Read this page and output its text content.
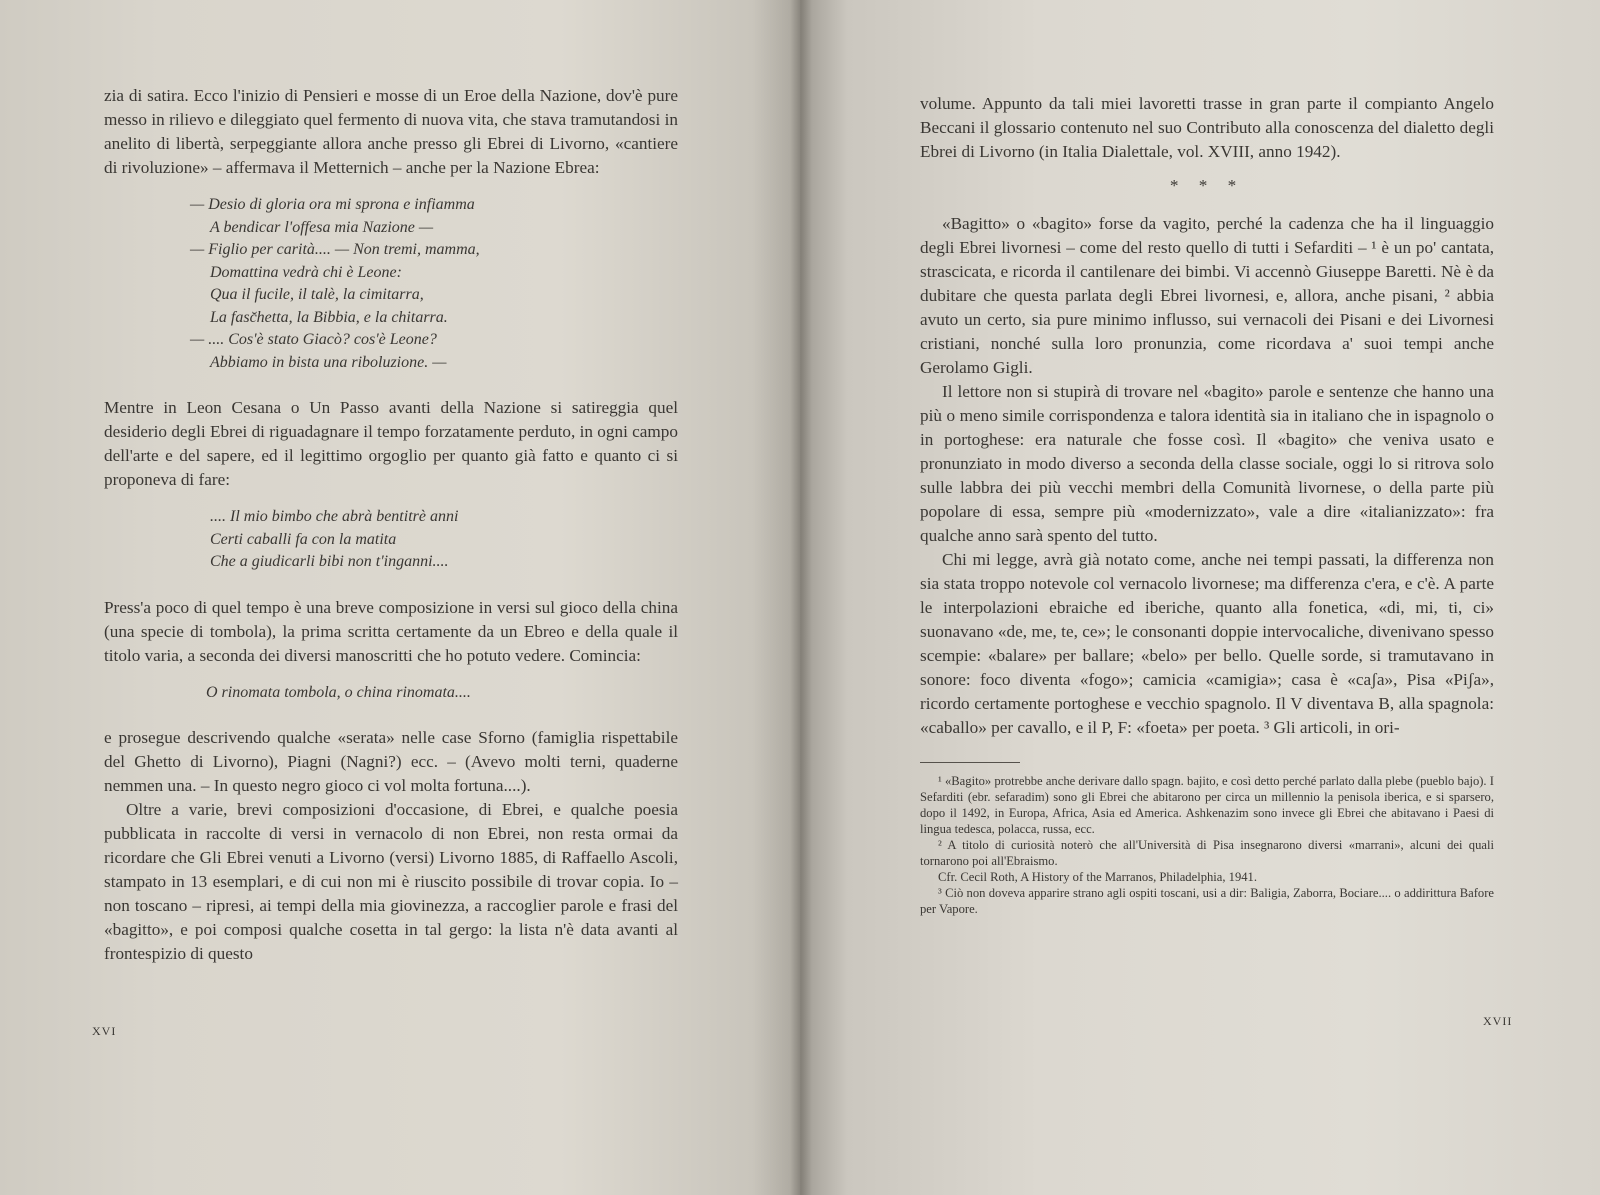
zia di satira. Ecco l'inizio di Pensieri e mosse di un Eroe della Nazione, dov'è pure messo in rilievo e dileggiato quel fermento di nuova vita, che stava tramutandosi in anelito di libertà, serpeggiante allora anche presso gli Ebrei di Livorno, «cantiere di rivoluzione» – affermava il Metternich – anche per la Nazione Ebrea:

— Desio di gloria ora mi sprona e infiamma
A bendicar l'offesa mia Nazione —
— Figlio per carità.... — Non tremi, mamma,
Domattina vedrà chi è Leone:
Qua il fucile, il talè, la cimitarra,
La fasc̆hetta, la Bibbia, e la chitarra.
— .... Cos'è stato Giacò? cos'è Leone?
Abbiamo in bista una riboluzione. —

Mentre in Leon Cesana o Un Passo avanti della Nazione si satireggia quel desiderio degli Ebrei di riguadagnare il tempo forzatamente perduto, in ogni campo dell'arte e del sapere, ed il legittimo orgoglio per quanto già fatto e quanto ci si proponeva di fare:

.... Il mio bimbo che abrà bentitrè anni
Certi caballi fa con la matita
Che a giudicarli bibi non t'inganni....

Press'a poco di quel tempo è una breve composizione in versi sul gioco della china (una specie di tombola), la prima scritta certamente da un Ebreo e della quale il titolo varia, a seconda dei diversi manoscritti che ho potuto vedere. Comincia:

O rinomata tombola, o china rinomata....

e prosegue descrivendo qualche «serata» nelle case Sforno (famiglia rispettabile del Ghetto di Livorno), Piagni (Nagni?) ecc. – (Avevo molti terni, quaderne nemmen una. – In questo negro gioco ci vol molta fortuna....).

Oltre a varie, brevi composizioni d'occasione, di Ebrei, e qualche poesia pubblicata in raccolte di versi in vernacolo di non Ebrei, non resta ormai da ricordare che Gli Ebrei venuti a Livorno (versi) Livorno 1885, di Raffaello Ascoli, stampato in 13 esemplari, e di cui non mi è riuscito possibile di trovar copia. Io – non toscano – ripresi, ai tempi della mia giovinezza, a raccoglier parole e frasi del «bagitto», e poi composi qualche cosetta in tal gergo: la lista n'è data avanti al frontespizio di questo

XVI

volume. Appunto da tali miei lavoretti trasse in gran parte il compianto Angelo Beccani il glossario contenuto nel suo Contributo alla conoscenza del dialetto degli Ebrei di Livorno (in Italia Dialettale, vol. XVIII, anno 1942).

* * *

«Bagitto» o «bagito» forse da vagito, perché la cadenza che ha il linguaggio degli Ebrei livornesi – come del resto quello di tutti i Sefarditi – ¹ è un po' cantata, strascicata, e ricorda il cantilenare dei bimbi. Vi accennò Giuseppe Baretti. Nè è da dubitare che questa parlata degli Ebrei livornesi, e, allora, anche pisani, ² abbia avuto un certo, sia pure minimo influsso, sui vernacoli dei Pisani e dei Livornesi cristiani, nonché sulla loro pronunzia, come ricordava a' suoi tempi anche Gerolamo Gigli.

Il lettore non si stupirà di trovare nel «bagito» parole e sentenze che hanno una più o meno simile corrispondenza e talora identità sia in italiano che in ispagnolo o in portoghese: era naturale che fosse così. Il «bagito» che veniva usato e pronunziato in modo diverso a seconda della classe sociale, oggi lo si ritrova solo sulle labbra dei più vecchi membri della Comunità livornese, o della parte più popolare di essa, sempre più «modernizzato», vale a dire «italianizzato»: fra qualche anno sarà spento del tutto.

Chi mi legge, avrà già notato come, anche nei tempi passati, la differenza non sia stata troppo notevole col vernacolo livornese; ma differenza c'era, e c'è. A parte le interpolazioni ebraiche ed iberiche, quanto alla fonetica, «di, mi, ti, ci» suonavano «de, me, te, ce»; le consonanti doppie intervocaliche, divenivano spesso scempie: «balare» per ballare; «belo» per bello. Quelle sorde, si tramutavano in sonore: foco diventa «fogo»; camicia «camigia»; casa è «caʃa», Pisa «Piʃa», ricordo certamente portoghese e vecchio spagnolo. Il V diventava B, alla spagnola: «caballo» per cavallo, e il P, F: «foeta» per poeta. ³ Gli articoli, in ori-

¹ «Bagito» protrebbe anche derivare dallo spagn. bajito, e così detto perché parlato dalla plebe (pueblo bajo). I Sefarditi (ebr. sefaradim) sono gli Ebrei che abitarono per circa un millennio la penisola iberica, e si sparsero, dopo il 1492, in Europa, Africa, Asia ed America. Ashkenazim sono invece gli Ebrei che abitavano i Paesi di lingua tedesca, polacca, russa, ecc.

² A titolo di curiosità noterò che all'Università di Pisa insegnarono diversi «marrani», alcuni dei quali tornarono poi all'Ebraismo.

Cfr. Cecil Roth, A History of the Marranos, Philadelphia, 1941.

³ Ciò non doveva apparire strano agli ospiti toscani, usi a dir: Baligia, Zaborra, Bociare.... o addirittura Bafore per Vapore.

XVII
